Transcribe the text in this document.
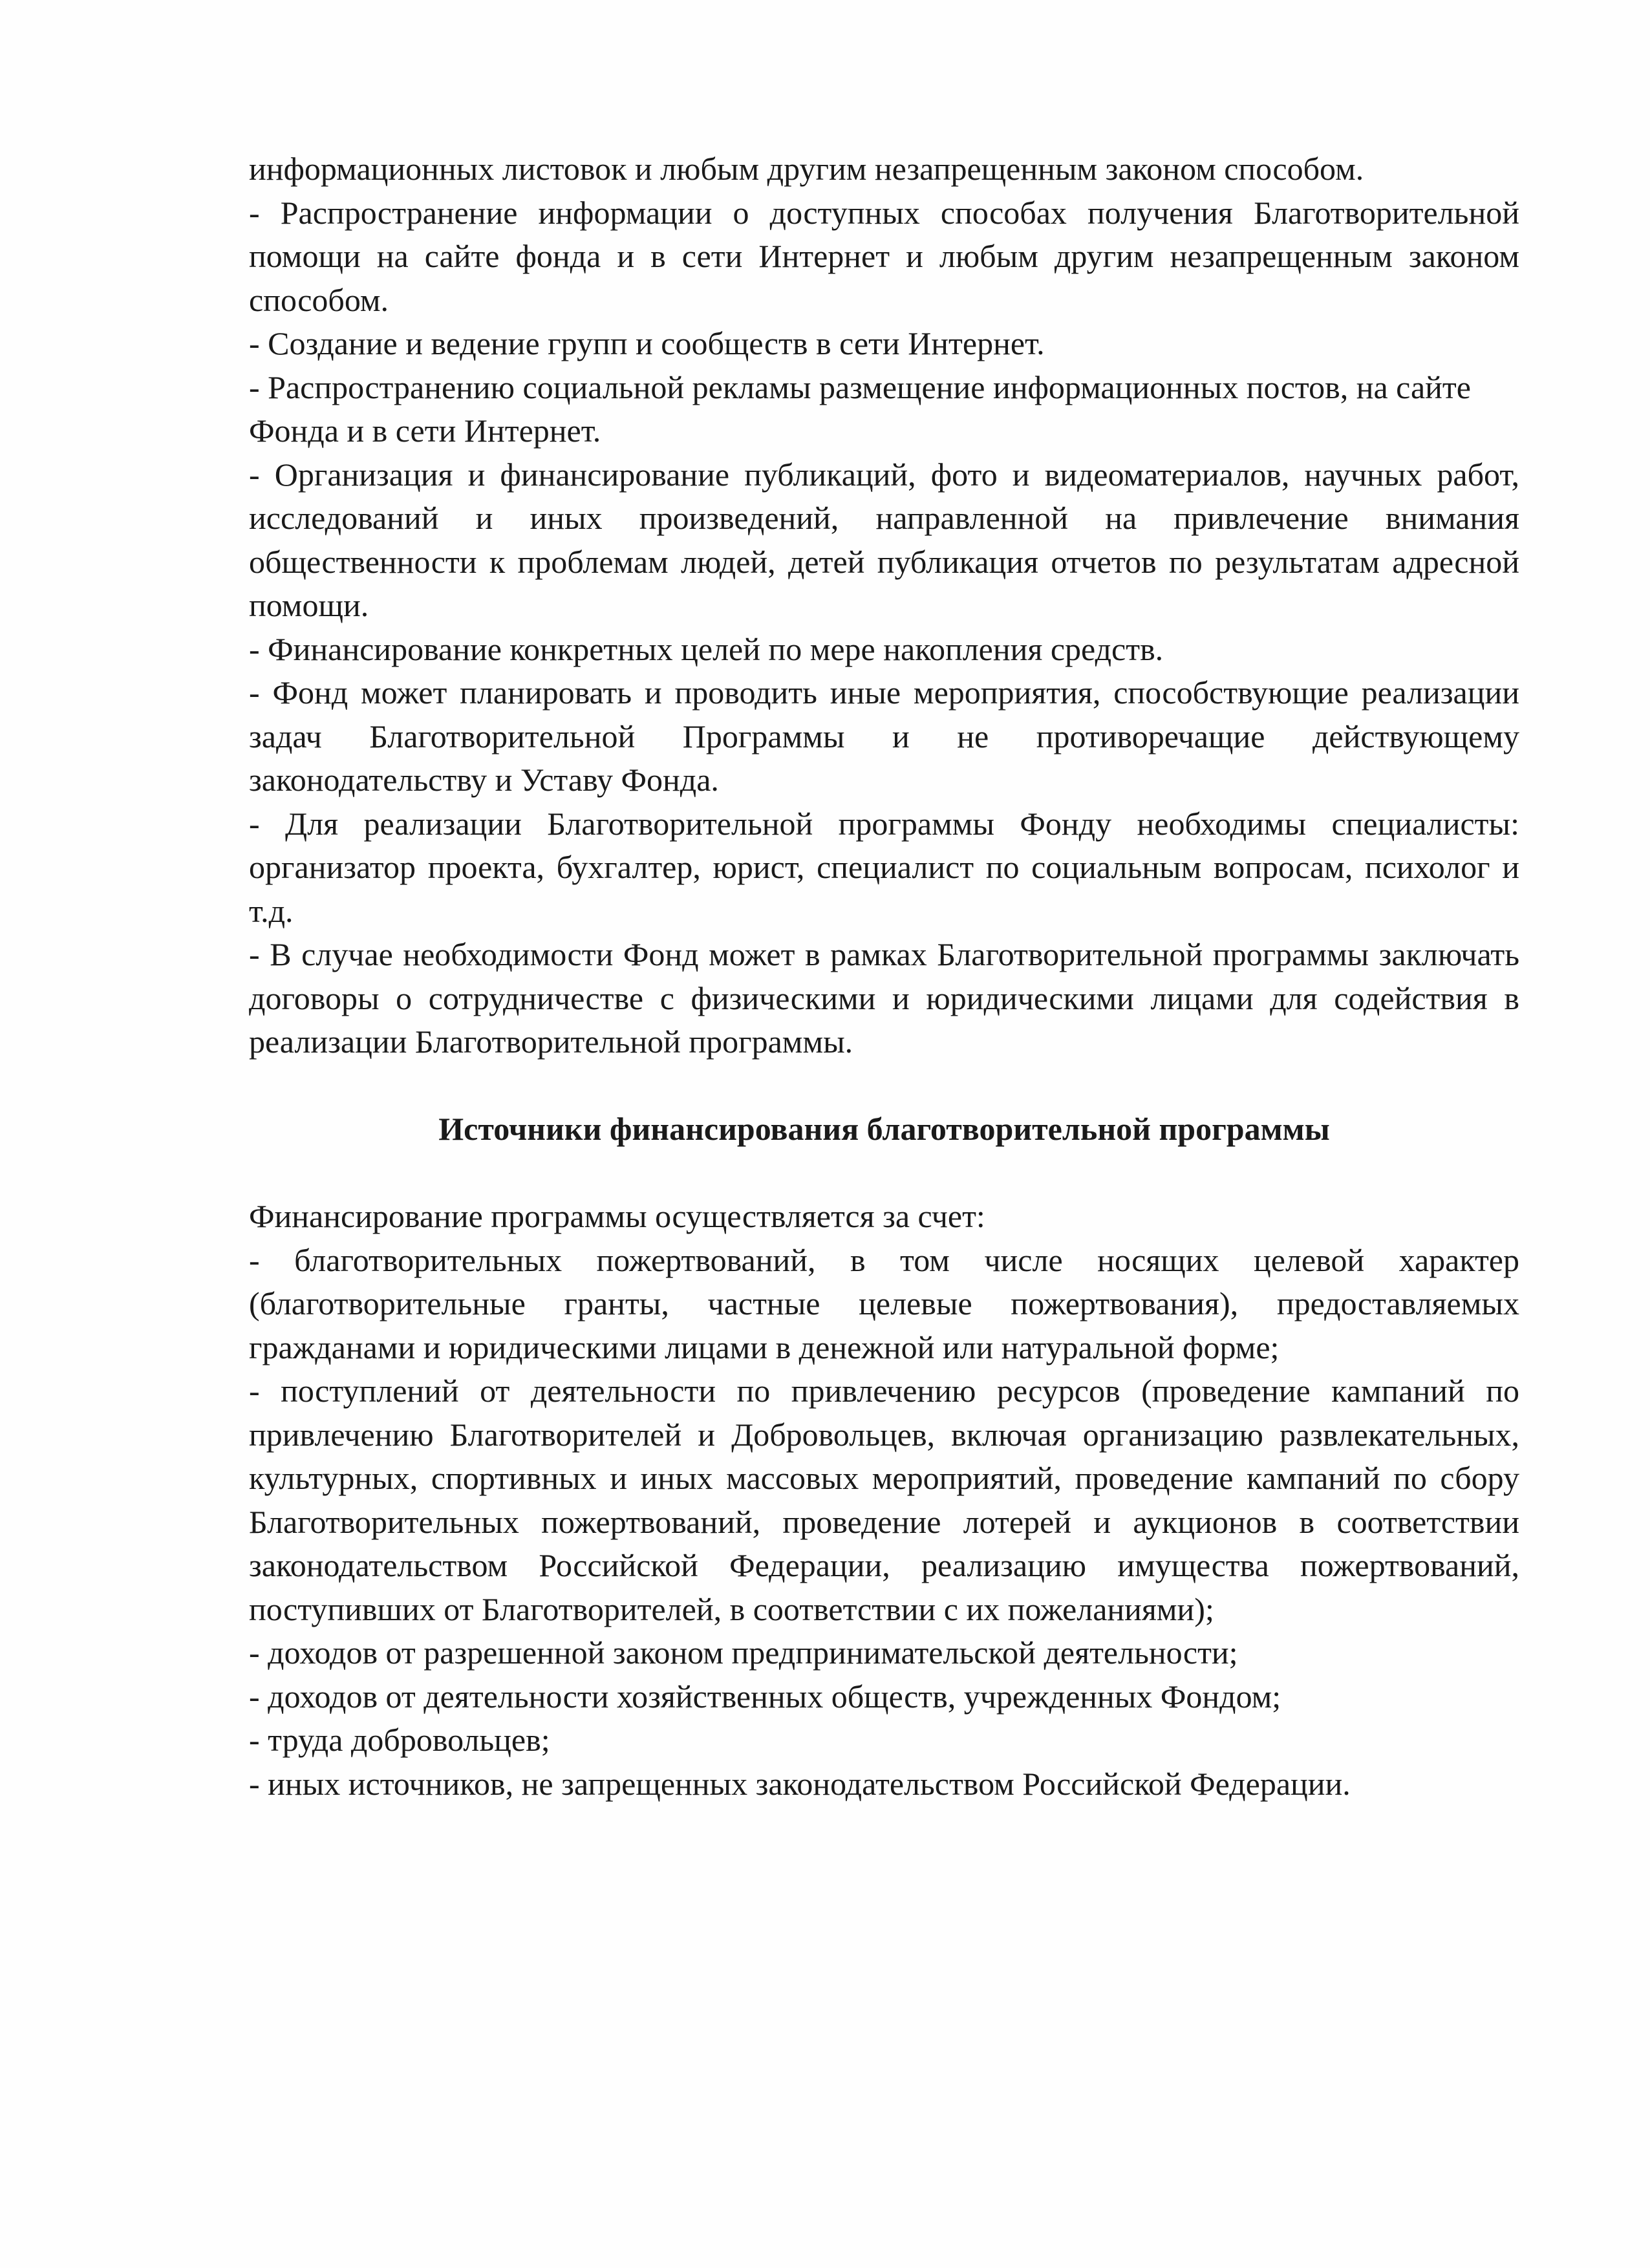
информационных листовок и любым другим незапрещенным законом способом.

- Распространение информации о доступных способах получения Благотворительной помощи на сайте фонда и в сети Интернет и любым другим незапрещенным законом способом.

- Создание и ведение групп и сообществ в сети Интернет.

- Распространению социальной рекламы размещение информационных постов, на сайте Фонда и в сети Интернет.

- Организация и финансирование публикаций, фото и видеоматериалов, научных работ, исследований и иных произведений, направленной на привлечение внимания общественности к проблемам людей, детей публикация отчетов по результатам адресной помощи.

- Финансирование конкретных целей по мере накопления средств.

- Фонд может планировать и проводить иные мероприятия, способствующие реализации задач Благотворительной Программы и не противоречащие действующему законодательству и Уставу Фонда.

- Для реализации Благотворительной программы Фонду необходимы специалисты: организатор проекта, бухгалтер, юрист, специалист по социальным вопросам, психолог и т.д.

- В случае необходимости Фонд может в рамках Благотворительной программы заключать договоры о сотрудничестве с физическими и юридическими лицами для содействия в реализации Благотворительной программы.

Источники финансирования благотворительной программы

Финансирование программы осуществляется за счет:

- благотворительных пожертвований, в том числе носящих целевой характер (благотворительные гранты, частные целевые пожертвования), предоставляемых гражданами и юридическими лицами в денежной или натуральной форме;

- поступлений от деятельности по привлечению ресурсов (проведение кампаний по привлечению Благотворителей и Добровольцев, включая организацию развлекательных, культурных, спортивных и иных массовых мероприятий, проведение кампаний по сбору Благотворительных пожертвований, проведение лотерей и аукционов в соответствии законодательством Российской Федерации, реализацию имущества пожертвований, поступивших от Благотворителей, в соответствии с их пожеланиями);

- доходов от разрешенной законом предпринимательской деятельности;

- доходов от деятельности хозяйственных обществ, учрежденных Фондом;

- труда добровольцев;

- иных источников, не запрещенных законодательством Российской Федерации.
